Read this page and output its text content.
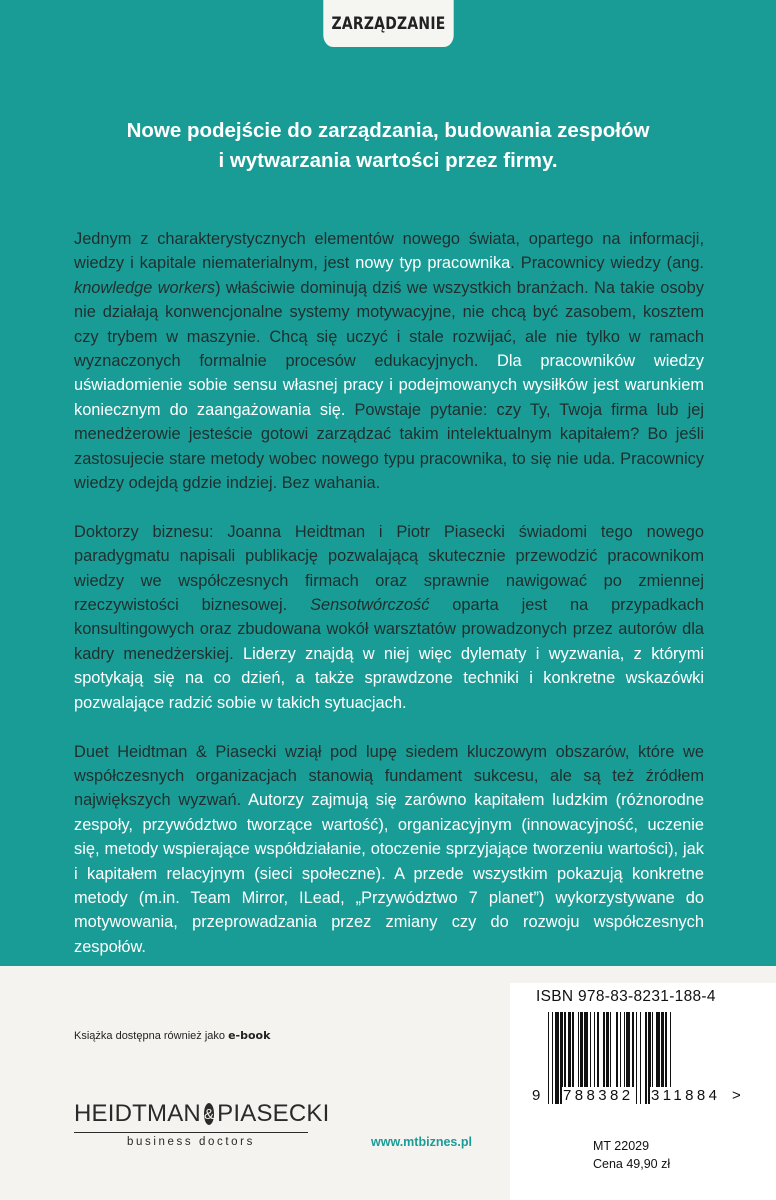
ZARZĄDZANIE
Nowe podejście do zarządzania, budowania zespołów
i wytwarzania wartości przez firmy.

Jednym z charakterystycznych elementów nowego świata, opartego na informacji, wiedzy i kapitale niematerialnym, jest nowy typ pracownika. Pracownicy wiedzy (ang. knowledge workers) właściwie dominują dziś we wszystkich branżach. Na takie osoby nie działają konwencjonalne systemy motywacyjne, nie chcą być zasobem, kosztem czy trybem w maszynie. Chcą się uczyć i stale rozwijać, ale nie tylko w ramach wyznaczonych formalnie procesów edukacyjnych. Dla pracowników wiedzy uświadomienie sobie sensu własnej pracy i podejmowanych wysiłków jest warunkiem koniecznym do zaangażowania się. Powstaje pytanie: czy Ty, Twoja firma lub jej menedżerowie jesteście gotowi zarządzać takim intelektualnym kapitałem? Bo jeśli zastosujecie stare metody wobec nowego typu pracownika, to się nie uda. Pracownicy wiedzy odejdą gdzie indziej. Bez wahania.

Doktorzy biznesu: Joanna Heidtman i Piotr Piasecki świadomi tego nowego paradygmatu napisali publikację pozwalającą skutecznie przewodzić pracownikom wiedzy we współczesnych firmach oraz sprawnie nawigować po zmiennej rzeczywistości biznesowej. Sensotwórczość oparta jest na przypadkach konsultingowych oraz zbudowana wokół warsztatów prowadzonych przez autorów dla kadry menedżerskiej. Liderzy znajdą w niej więc dylematy i wyzwania, z którymi spotykają się na co dzień, a także sprawdzone techniki i konkretne wskazówki pozwalające radzić sobie w takich sytuacjach.

Duet Heidtman & Piasecki wziął pod lupę siedem kluczowym obszarów, które we współczesnych organizacjach stanowią fundament sukcesu, ale są też źródłem największych wyzwań. Autorzy zajmują się zarówno kapitałem ludzkim (różnorodne zespoły, przywództwo tworzące wartość), organizacyjnym (innowacyjność, uczenie się, metody wspierające współdziałanie, otoczenie sprzyjające tworzeniu wartości), jak i kapitałem relacyjnym (sieci społeczne). A przede wszystkim pokazują konkretne metody (m.in. Team Mirror, ILead, „Przywództwo 7 planet”) wykorzystywane do motywowania, przeprowadzania przez zmiany czy do rozwoju współczesnych zespołów.

Książka dostępna również jako e-book
HEIDTMAN & PIASECKI
business doctors	www.mtbiznes.pl
ISBN 978-83-8231-188-4
9 788382 311884 >
MT 22029
Cena 49,90 zł
